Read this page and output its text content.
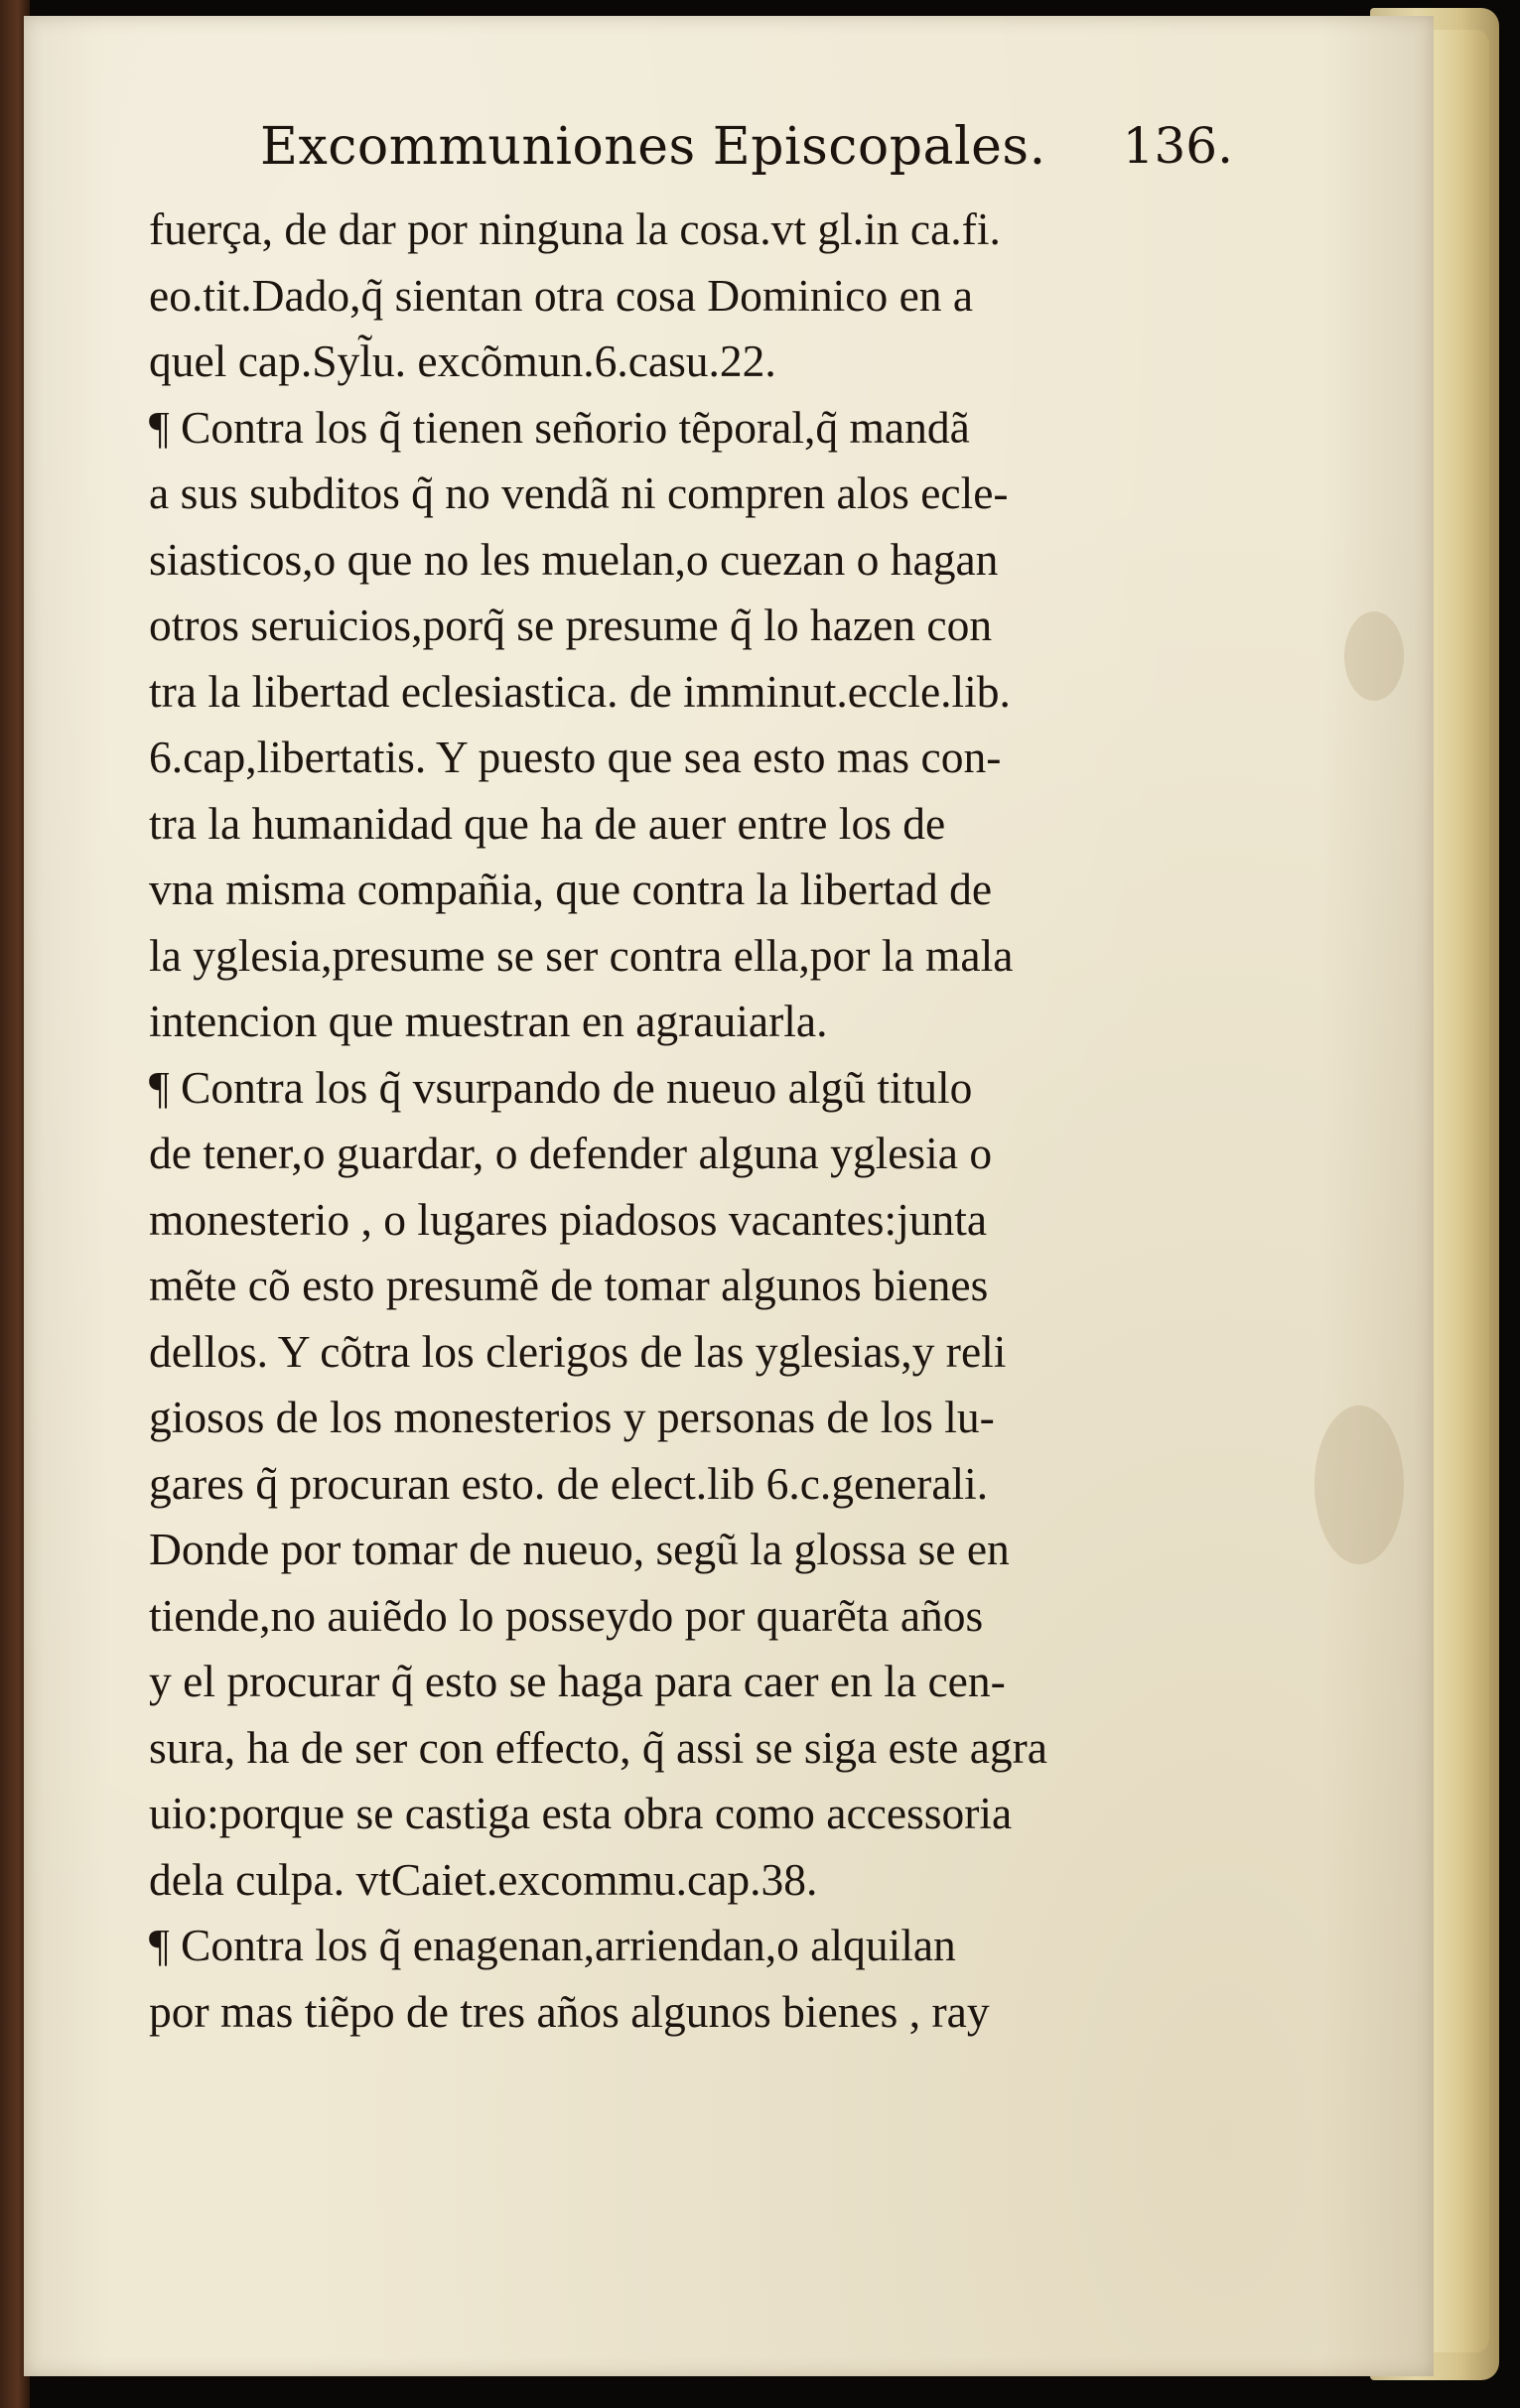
Excommuniones Episcopales. 136.
fuerça, de dar por ninguna la cosa.vt gl.in ca.fi.
eo.tit.Dado,q̃ sientan otra cosa Dominico en a
quel cap.Syl̃u. excõmun.6.casu.22.
¶ Contra los q̃ tienen señorio tẽporal,q̃ mandã
a sus subditos q̃ no vendã ni compren alos ecle-
siasticos,o que no les muelan,o cuezan o hagan
otros seruicios,porq̃ se presume q̃ lo hazen con
tra la libertad eclesiastica. de imminut.eccle.lib.
6.cap,libertatis. Y puesto que sea esto mas con-
tra la humanidad que ha de auer entre los de
vna misma compañia, que contra la libertad de
la yglesia,presume se ser contra ella,por la mala
intencion que muestran en agrauiarla.
¶ Contra los q̃ vsurpando de nueuo algũ titulo
de tener,o guardar, o defender alguna yglesia o
monesterio , o lugares piadosos vacantes:junta
mẽte cõ esto presumẽ de tomar algunos bienes
dellos. Y cõtra los clerigos de las yglesias,y reli
giosos de los monesterios y personas de los lu-
gares q̃ procuran esto. de elect.lib 6.c.generali.
Donde por tomar de nueuo, segũ la glossa se en
tiende,no auiẽdo lo posseydo por quarẽta años
y el procurar q̃ esto se haga para caer en la cen-
sura, ha de ser con effecto, q̃ assi se siga este agra
uio:porque se castiga esta obra como accessoria
dela culpa. vtCaiet.excommu.cap.38.
¶ Contra los q̃ enagenan,arriendan,o alquilan
por mas tiẽpo de tres años algunos bienes , ray
